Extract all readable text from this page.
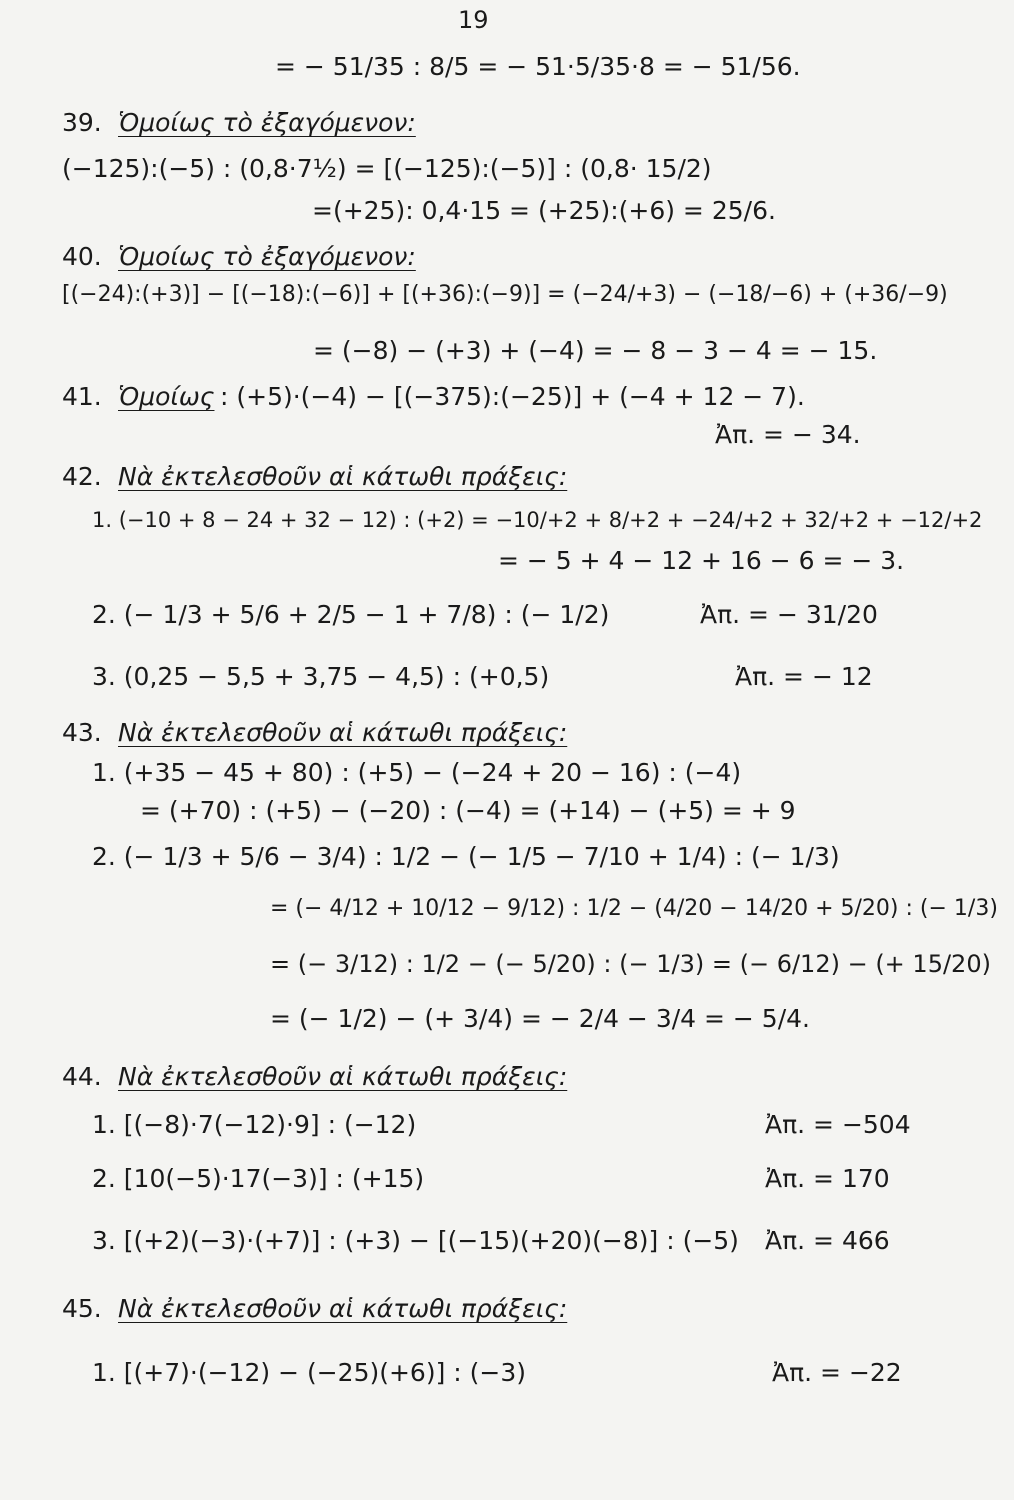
19
= − 51/35 : 8/5 = − 51·5/35·8 = − 51/56.
39. Ὁμοίως τὸ ἐξαγόμενον:
(−125):(−5) : (0,8·7½) = [(−125):(−5)] : (0,8· 15/2)
=(+25): 0,4·15 = (+25):(+6) = 25/6.
40. Ὁμοίως τὸ ἐξαγόμενον:
[(−24):(+3)] − [(−18):(−6)] + [(+36):(−9)] = (−24/+3) − (−18/−6) + (+36/−9)
= (−8) − (+3) + (−4) = − 8 − 3 − 4 = − 15.
41. Ὁμοίως : (+5)·(−4) − [(−375):(−25)] + (−4 + 12 − 7).
Ἀπ. = − 34.
42. Νὰ ἐκτελεσθοῦν αἱ κάτωθι πράξεις:
1. (−10 + 8 − 24 + 32 − 12) : (+2) = −10/+2 + 8/+2 + −24/+2 + 32/+2 + −12/+2
= − 5 + 4 − 12 + 16 − 6 = − 3.
2. (− 1/3 + 5/6 + 2/5 − 1 + 7/8) : (− 1/2)	Ἀπ. = − 31/20
3. (0,25 − 5,5 + 3,75 − 4,5) : (+0,5)	Ἀπ. = − 12
43. Νὰ ἐκτελεσθοῦν αἱ κάτωθι πράξεις:
1. (+35 − 45 + 80) : (+5) − (−24 + 20 − 16) : (−4)
= (+70) : (+5) − (−20) : (−4) = (+14) − (+5) = + 9
2. (− 1/3 + 5/6 − 3/4) : 1/2 − (− 1/5 − 7/10 + 1/4) : (− 1/3)
= (− 4/12 + 10/12 − 9/12) : 1/2 − (4/20 − 14/20 + 5/20) : (− 1/3)
= (− 3/12) : 1/2 − (− 5/20) : (− 1/3) = (− 6/12) − (+ 15/20)
= (− 1/2) − (+ 3/4) = − 2/4 − 3/4 = − 5/4.
44. Νὰ ἐκτελεσθοῦν αἱ κάτωθι πράξεις:
1. [(−8)·7(−12)·9] : (−12)	Ἀπ. = −504
2. [10(−5)·17(−3)] : (+15)	Ἀπ. = 170
3. [(+2)(−3)·(+7)] : (+3) − [(−15)(+20)(−8)] : (−5) Ἀπ. = 466
45. Νὰ ἐκτελεσθοῦν αἱ κάτωθι πράξεις:
1. [(+7)·(−12) − (−25)(+6)] : (−3)	Ἀπ. = −22
